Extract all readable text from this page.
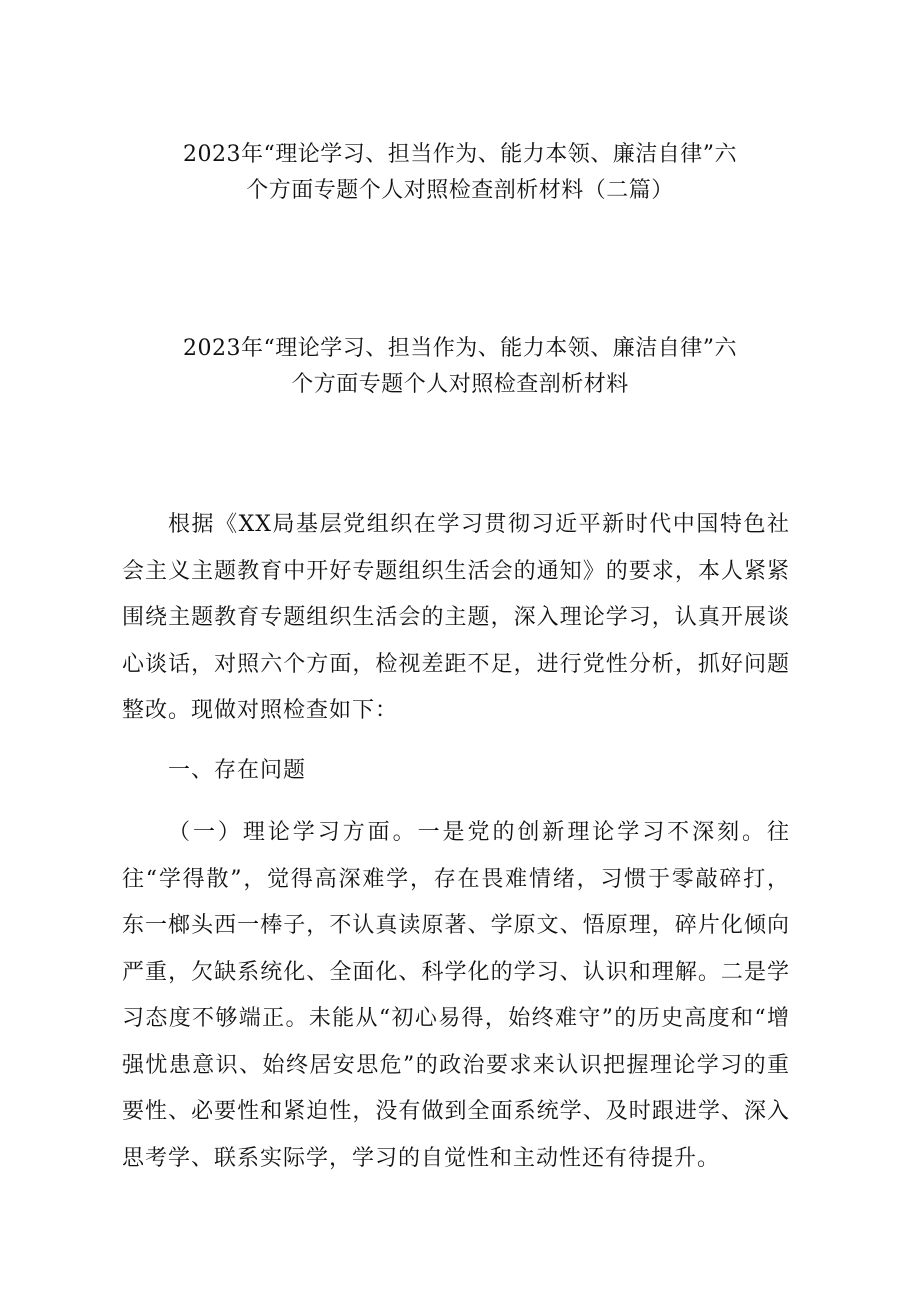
2023年“理论学习、担当作为、能力本领、廉洁自律”六

个方面专题个人对照检查剖析材料（二篇）

2023年“理论学习、担当作为、能力本领、廉洁自律”六

个方面专题个人对照检查剖析材料

根据《XX局基层党组织在学习贯彻习近平新时代中国特色社会主义主题教育中开好专题组织生活会的通知》的要求，本人紧紧围绕主题教育专题组织生活会的主题，深入理论学习，认真开展谈心谈话，对照六个方面，检视差距不足，进行党性分析，抓好问题整改。现做对照检查如下：

一、存在问题

（一）理论学习方面。一是党的创新理论学习不深刻。往往“学得散”，觉得高深难学，存在畏难情绪，习惯于零敲碎打，东一榔头西一棒子，不认真读原著、学原文、悟原理，碎片化倾向严重，欠缺系统化、全面化、科学化的学习、认识和理解。二是学习态度不够端正。未能从“初心易得，始终难守”的历史高度和“增强忧患意识、始终居安思危”的政治要求来认识把握理论学习的重要性、必要性和紧迫性，没有做到全面系统学、及时跟进学、深入思考学、联系实际学，学习的自觉性和主动性还有待提升。
